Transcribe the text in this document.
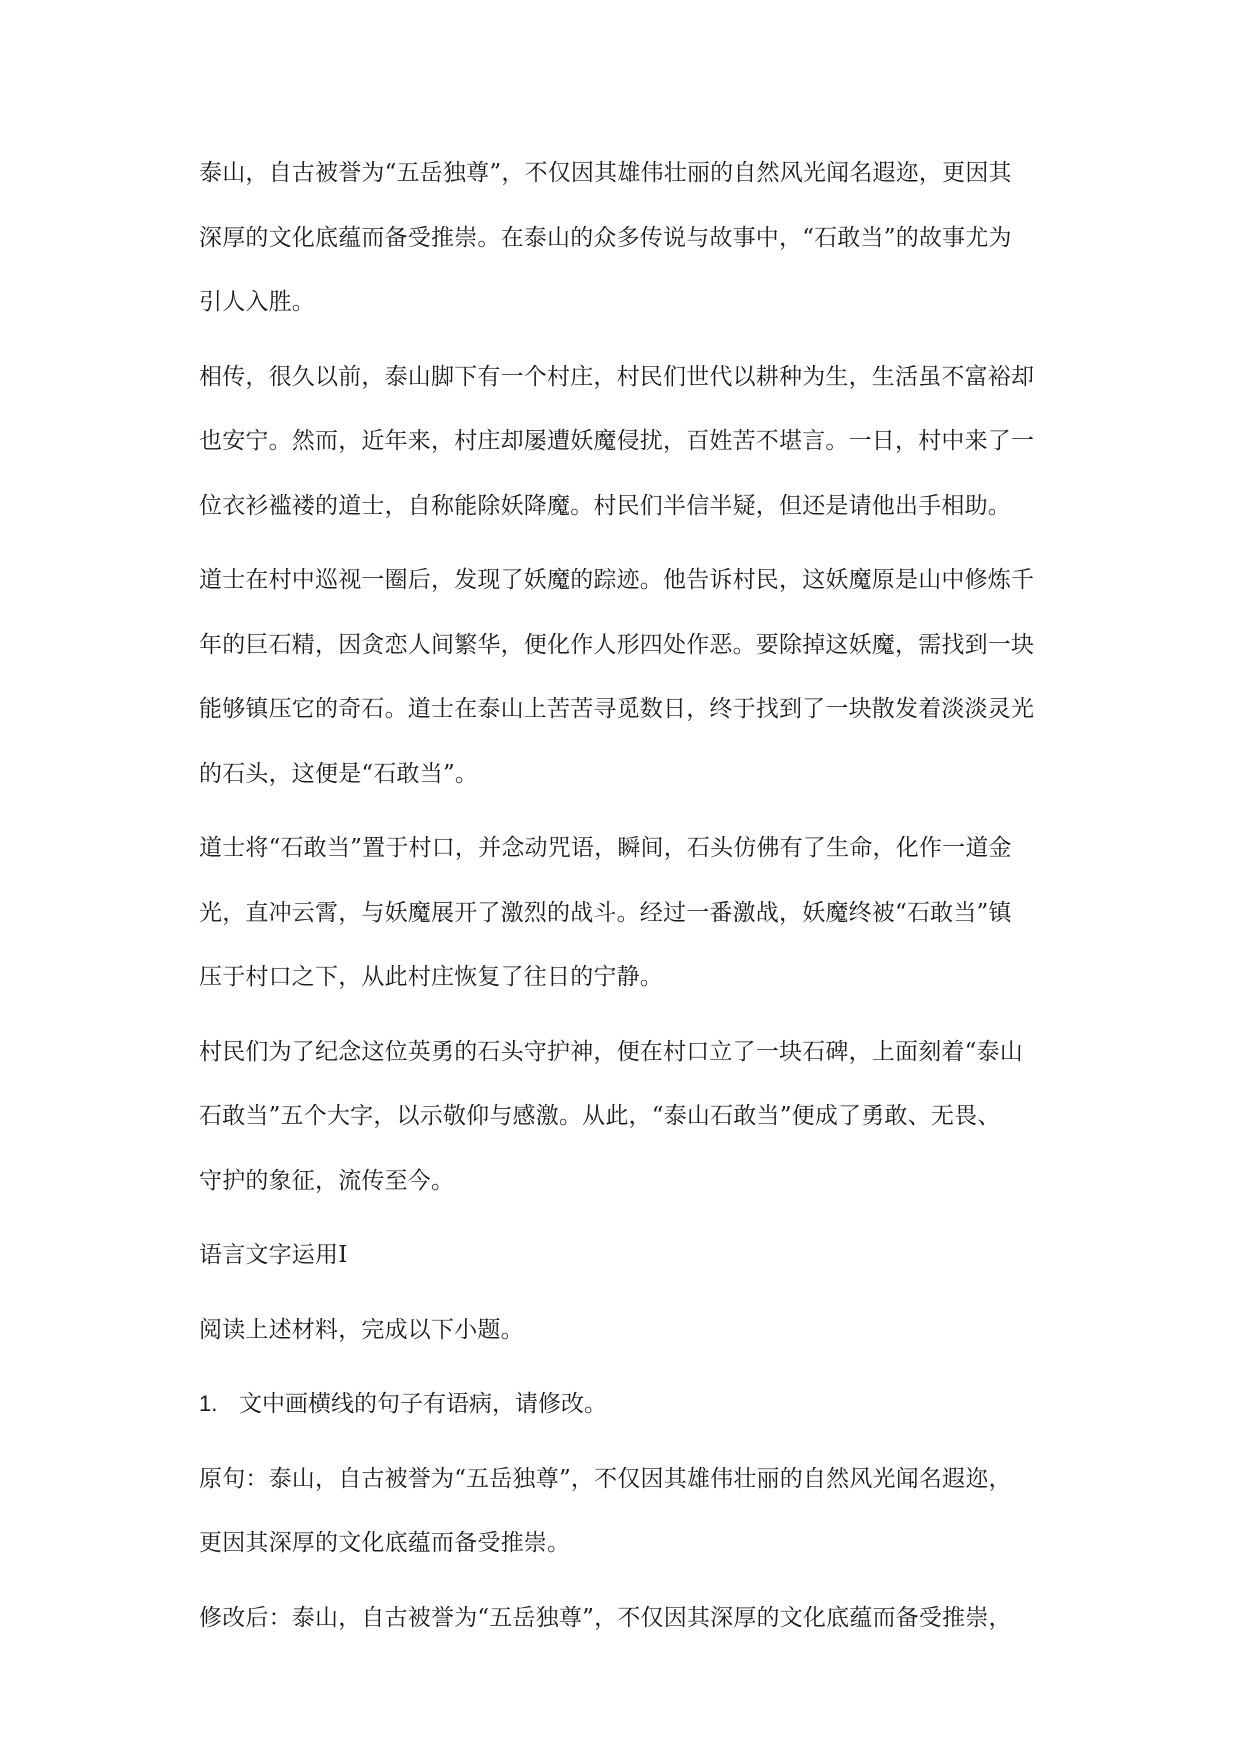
泰山，自古被誉为“五岳独尊”，不仅因其雄伟壮丽的自然风光闻名遐迩，更因其
深厚的文化底蕴而备受推崇。在泰山的众多传说与故事中，“石敢当”的故事尤为
引人入胜。

相传，很久以前，泰山脚下有一个村庄，村民们世代以耕种为生，生活虽不富裕却
也安宁。然而，近年来，村庄却屡遭妖魔侵扰，百姓苦不堪言。一日，村中来了一
位衣衫褴褛的道士，自称能除妖降魔。村民们半信半疑，但还是请他出手相助。

道士在村中巡视一圈后，发现了妖魔的踪迹。他告诉村民，这妖魔原是山中修炼千
年的巨石精，因贪恋人间繁华，便化作人形四处作恶。要除掉这妖魔，需找到一块
能够镇压它的奇石。道士在泰山上苦苦寻觅数日，终于找到了一块散发着淡淡灵光
的石头，这便是“石敢当”。

道士将“石敢当”置于村口，并念动咒语，瞬间，石头仿佛有了生命，化作一道金
光，直冲云霄，与妖魔展开了激烈的战斗。经过一番激战，妖魔终被“石敢当”镇
压于村口之下，从此村庄恢复了往日的宁静。

村民们为了纪念这位英勇的石头守护神，便在村口立了一块石碑，上面刻着“泰山
石敢当”五个大字，以示敬仰与感激。从此，“泰山石敢当”便成了勇敢、无畏、
守护的象征，流传至今。

语言文字运用Ⅰ

阅读上述材料，完成以下小题。

1. 文中画横线的句子有语病，请修改。

原句：泰山，自古被誉为“五岳独尊”，不仅因其雄伟壮丽的自然风光闻名遐迩，
更因其深厚的文化底蕴而备受推崇。

修改后：泰山，自古被誉为“五岳独尊”，不仅因其深厚的文化底蕴而备受推崇，
